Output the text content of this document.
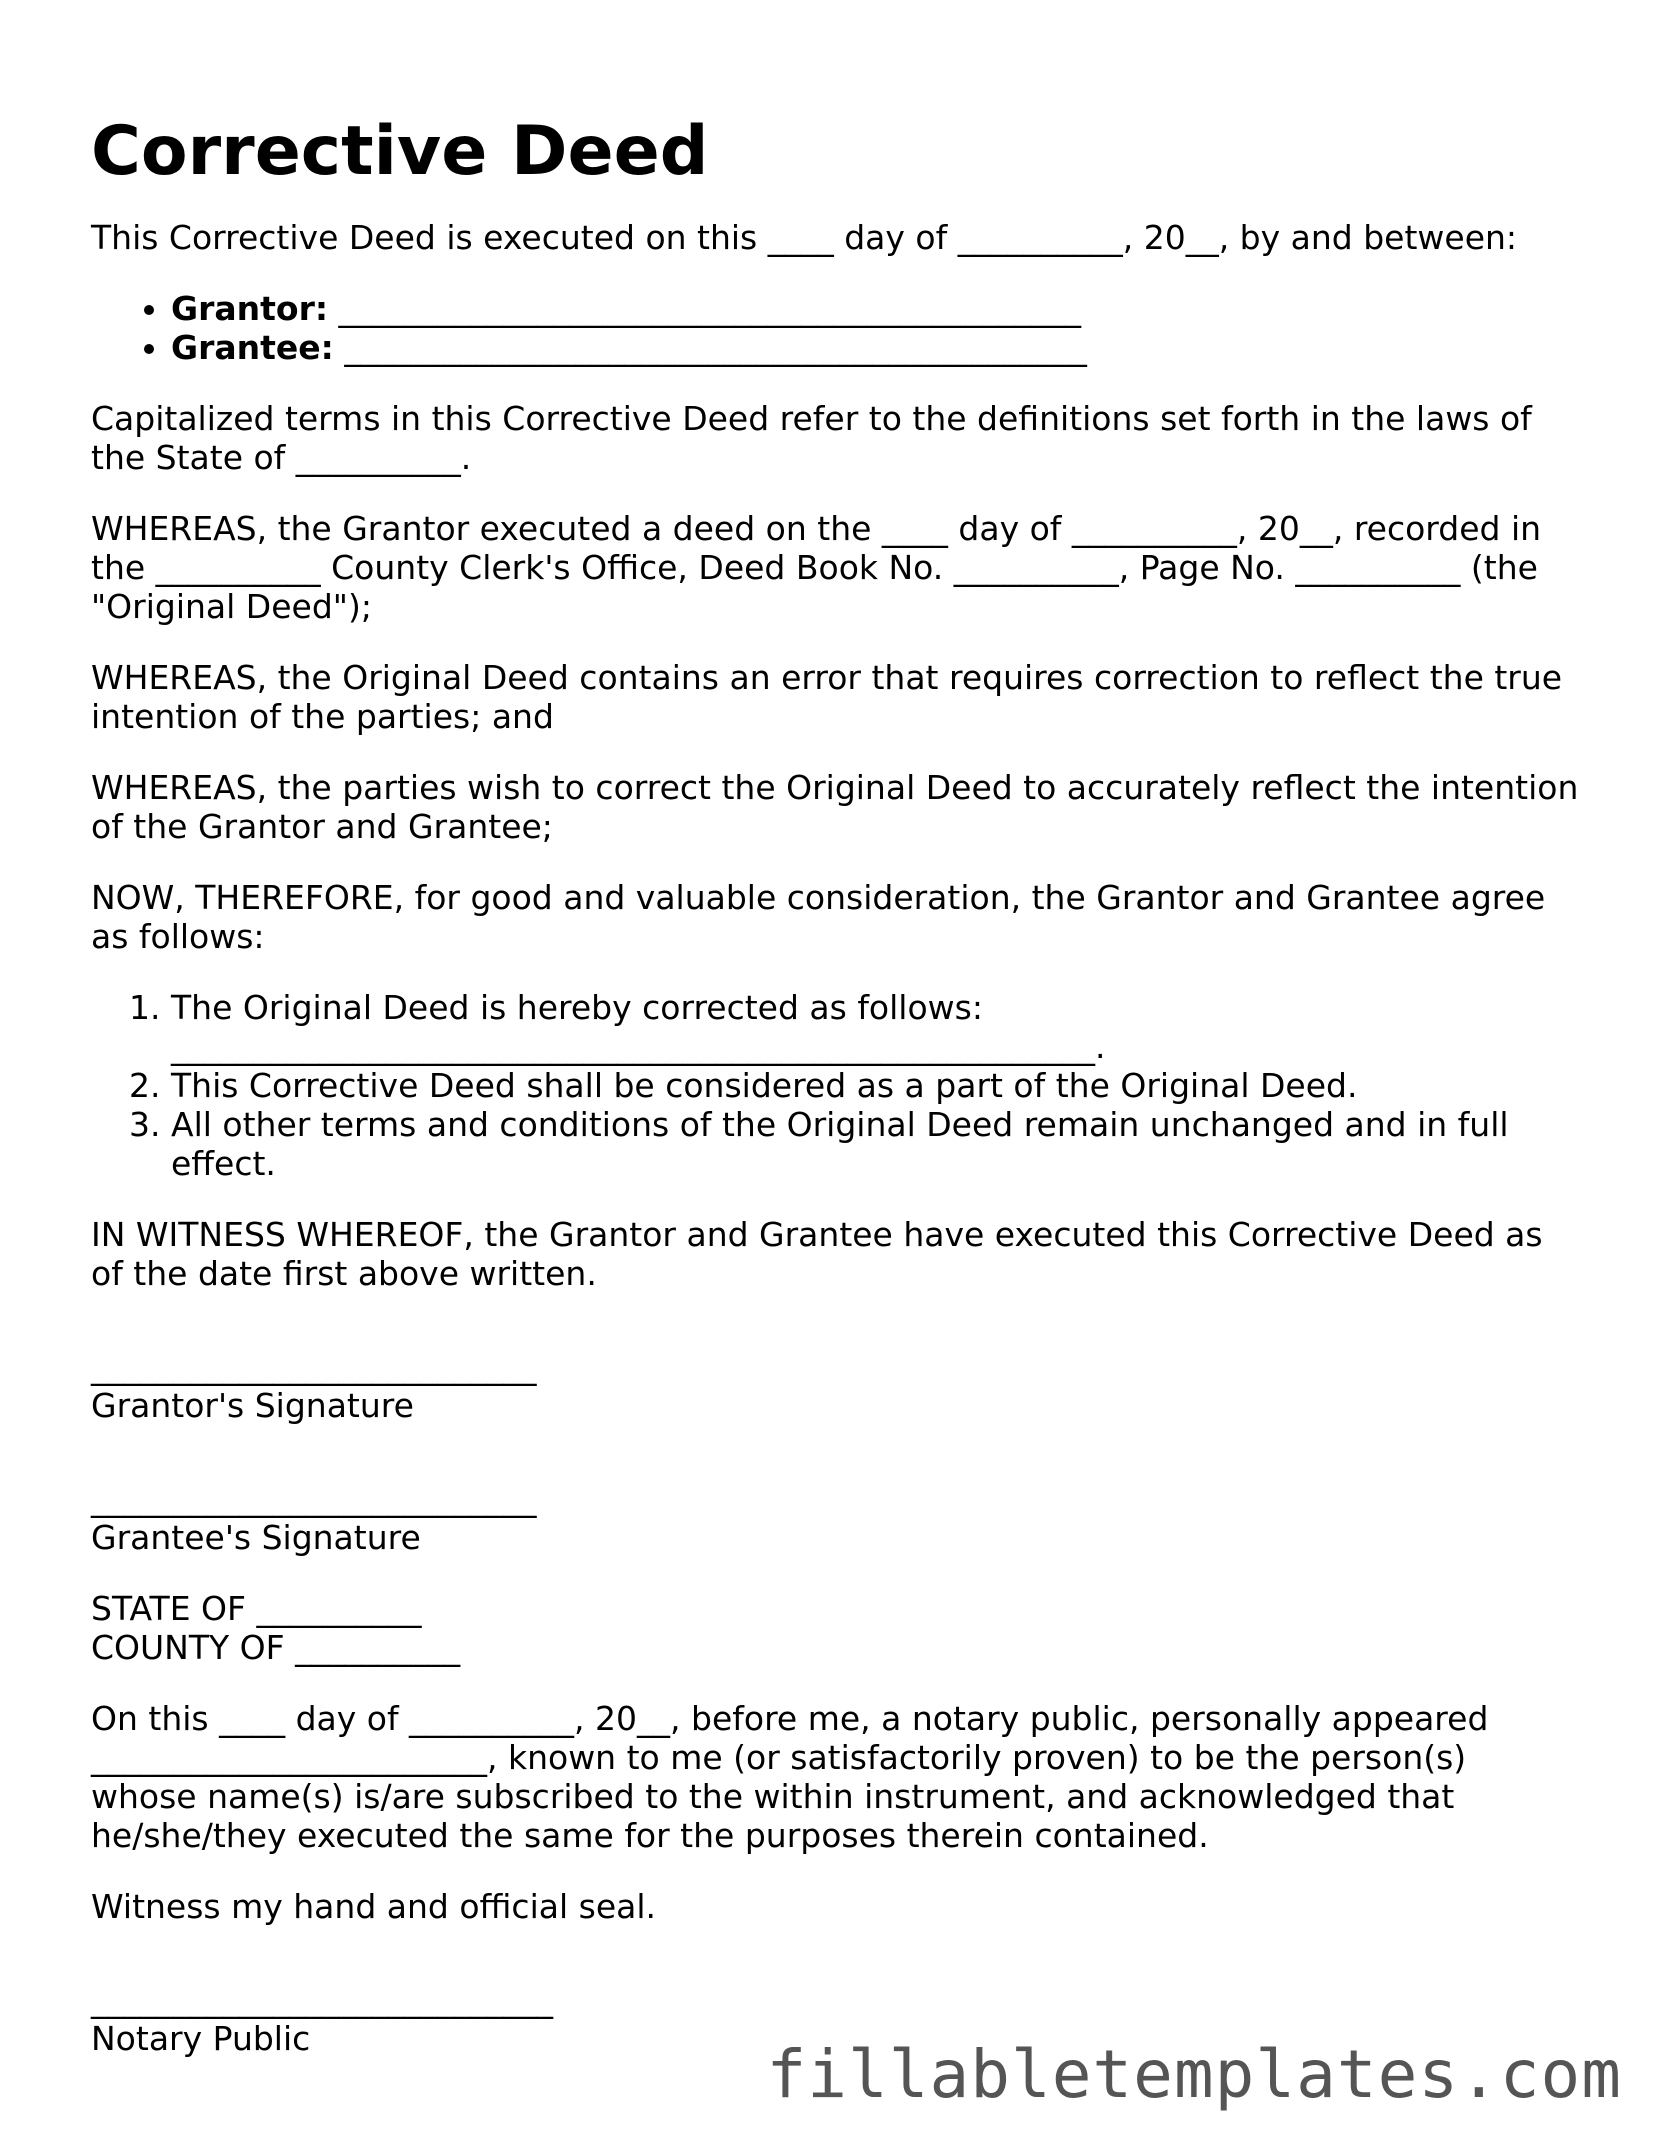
Corrective Deed

This Corrective Deed is executed on this ____ day of __________, 20__, by and between:

• Grantor: _____________________________________________
• Grantee: _____________________________________________

Capitalized terms in this Corrective Deed refer to the definitions set forth in the laws of the State of __________.

WHEREAS, the Grantor executed a deed on the ____ day of __________, 20__, recorded in the __________ County Clerk's Office, Deed Book No. __________, Page No. __________ (the "Original Deed");

WHEREAS, the Original Deed contains an error that requires correction to reflect the true intention of the parties; and

WHEREAS, the parties wish to correct the Original Deed to accurately reflect the intention of the Grantor and Grantee;

NOW, THEREFORE, for good and valuable consideration, the Grantor and Grantee agree as follows:

1. The Original Deed is hereby corrected as follows: ________________________________________________________.
2. This Corrective Deed shall be considered as a part of the Original Deed.
3. All other terms and conditions of the Original Deed remain unchanged and in full effect.

IN WITNESS WHEREOF, the Grantor and Grantee have executed this Corrective Deed as of the date first above written.

___________________________
Grantor's Signature
___________________________
Grantee's Signature
STATE OF __________
COUNTY OF __________

On this ____ day of __________, 20__, before me, a notary public, personally appeared ________________________, known to me (or satisfactorily proven) to be the person(s) whose name(s) is/are subscribed to the within instrument, and acknowledged that he/she/they executed the same for the purposes therein contained.

Witness my hand and official seal.

____________________________
Notary Public	fillabletemplates.com
